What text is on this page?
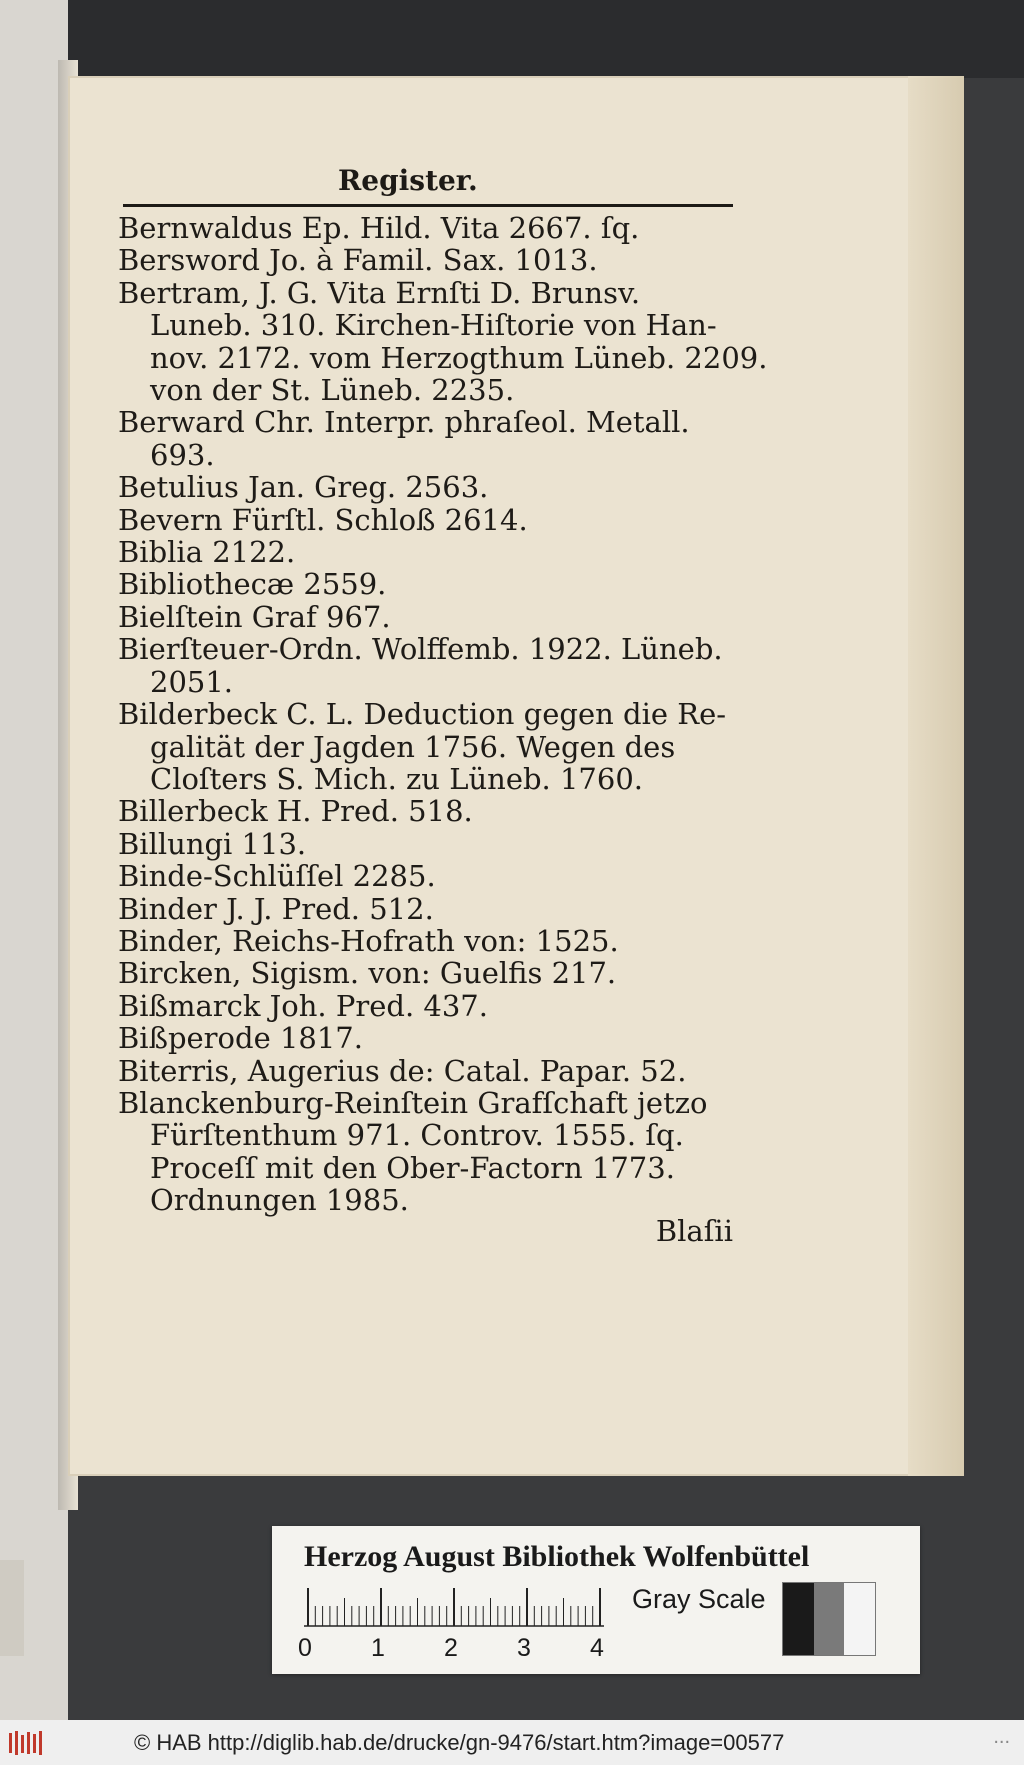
Register.
Bernwaldus Ep. Hild. Vita 2667. ſq.
Bersword Jo. à Famil. Sax. 1013.
Bertram, J. G. Vita Ernſti D. Brunsv.
Luneb. 310. Kirchen-Hiſtorie von Han-
nov. 2172. vom Herzogthum Lüneb. 2209.
von der St. Lüneb. 2235.
Berward Chr. Interpr. phraſeol. Metall.
693.
Betulius Jan. Greg. 2563.
Bevern Fürſtl. Schloß 2614.
Biblia 2122.
Bibliothecæ 2559.
Bielſtein Graf 967.
Bierſteuer-Ordn. Wolffemb. 1922. Lüneb.
2051.
Bilderbeck C. L. Deduction gegen die Re-
galität der Jagden 1756. Wegen des
Cloſters S. Mich. zu Lüneb. 1760.
Billerbeck H. Pred. 518.
Billungi 113.
Binde-Schlüſſel 2285.
Binder J. J. Pred. 512.
Binder, Reichs-Hofrath von: 1525.
Bircken, Sigism. von: Guelfis 217.
Bißmarck Joh. Pred. 437.
Bißperode 1817.
Biterris, Augerius de: Catal. Papar. 52.
Blanckenburg-Reinſtein Grafſchaft jetzo
Fürſtenthum 971. Controv. 1555. ſq.
Proceſſ mit den Ober-Factorn 1773.
Ordnungen 1985.
Blaſii
Herzog August Bibliothek Wolfenbüttel
0 1 2 3 4
Gray Scale
© HAB http://diglib.hab.de/drucke/gn-9476/start.htm?image=00577	...
